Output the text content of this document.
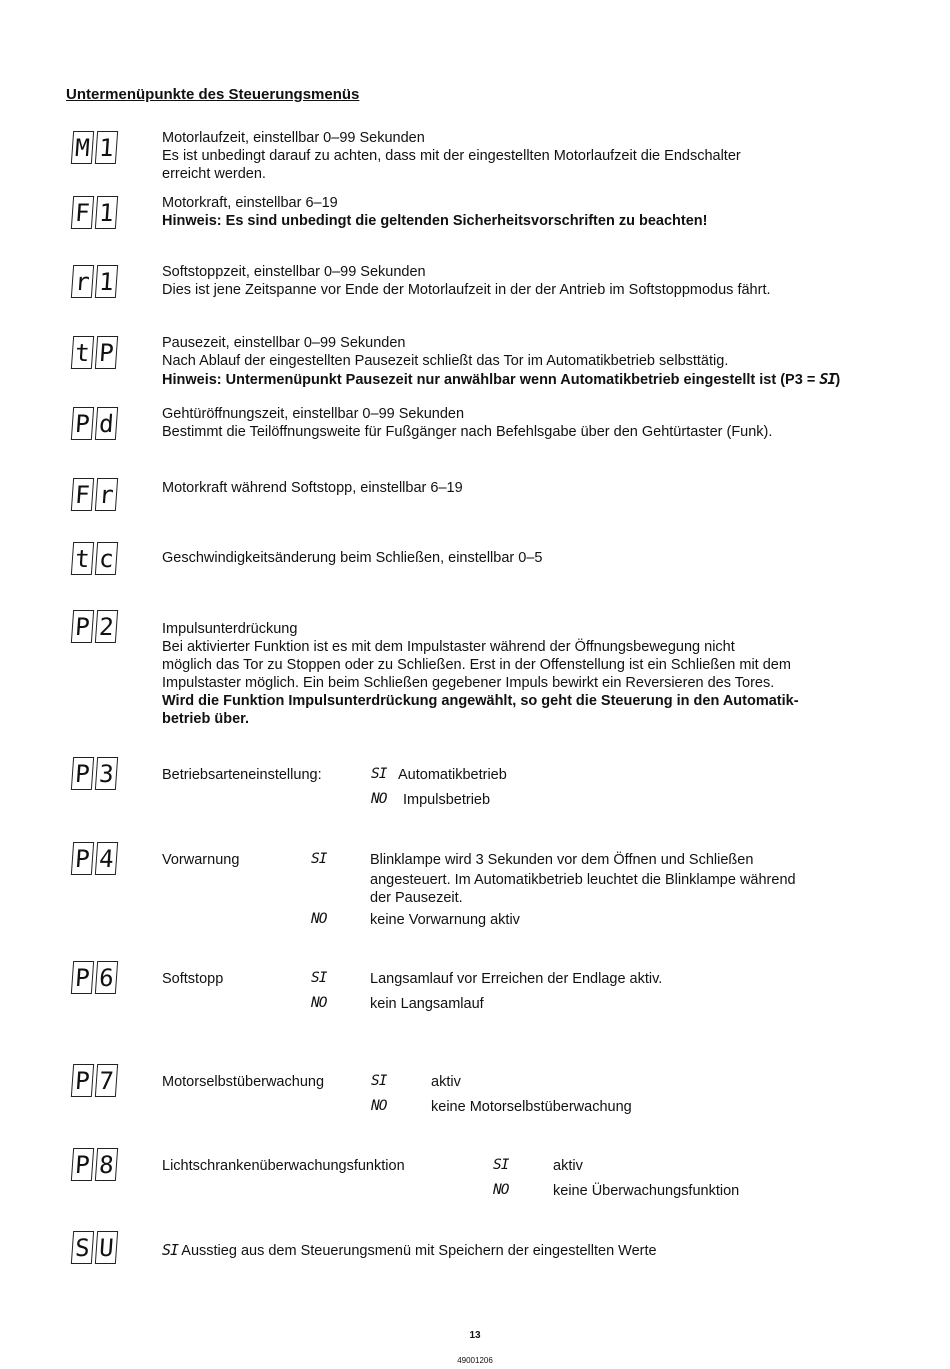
Untermenüpunkte des Steuerungsmenüs
M 1	Motorlaufzeit, einstellbar 0–99 Sekunden

Es ist unbedingt darauf zu achten, dass mit der eingestellten Motorlaufzeit die Endschalter

erreicht werden.

F 1	Motorkraft, einstellbar 6–19

Hinweis: Es sind unbedingt die geltenden Sicherheitsvorschriften zu beachten!

r 1	Softstoppzeit, einstellbar 0–99 Sekunden

Dies ist jene Zeitspanne vor Ende der Motorlaufzeit in der der Antrieb im Softstoppmodus fährt.

t P	Pausezeit, einstellbar 0–99 Sekunden

Nach Ablauf der eingestellten Pausezeit schließt das Tor im Automatikbetrieb selbsttätig.

Hinweis: Untermenüpunkt Pausezeit nur anwählbar wenn Automatikbetrieb eingestellt ist (P3 = SI)

P d	Gehtüröffnungszeit, einstellbar 0–99 Sekunden

Bestimmt die Teilöffnungsweite für Fußgänger nach Befehlsgabe über den Gehtürtaster (Funk).

F r	Motorkraft während Softstopp, einstellbar 6–19

t c	Geschwindigkeitsänderung beim Schließen, einstellbar 0–5

P 2	Impulsunterdrückung

Bei aktivierter Funktion ist es mit dem Impulstaster während der Öffnungsbewegung nicht

möglich das Tor zu Stoppen oder zu Schließen. Erst in der Offenstellung ist ein Schließen mit dem

Impulstaster möglich. Ein beim Schließen gegebener Impuls bewirkt ein Reversieren des Tores.

Wird die Funktion Impulsunterdrückung angewählt, so geht die Steuerung in den Automatik-

betrieb über.

P 3	Betriebsarteneinstellung:	SI Automatikbetrieb
NO Impulsbetrieb
P 4	Vorwarnung	SI	Blinklampe wird 3 Sekunden vor dem Öffnen und Schließen
angesteuert. Im Automatikbetrieb leuchtet die Blinklampe während
der Pausezeit.
NO	keine Vorwarnung aktiv
P 6	Softstopp	SI	Langsamlauf vor Erreichen der Endlage aktiv.
NO	kein Langsamlauf
P 7	Motorselbstüberwachung	SI	aktiv
NO	keine Motorselbstüberwachung
P 8	Lichtschrankenüberwachungsfunktion	SI	aktiv
NO	keine Überwachungsfunktion
S U	SI Ausstieg aus dem Steuerungsmenü mit Speichern der eingestellten Werte

13
49001206
